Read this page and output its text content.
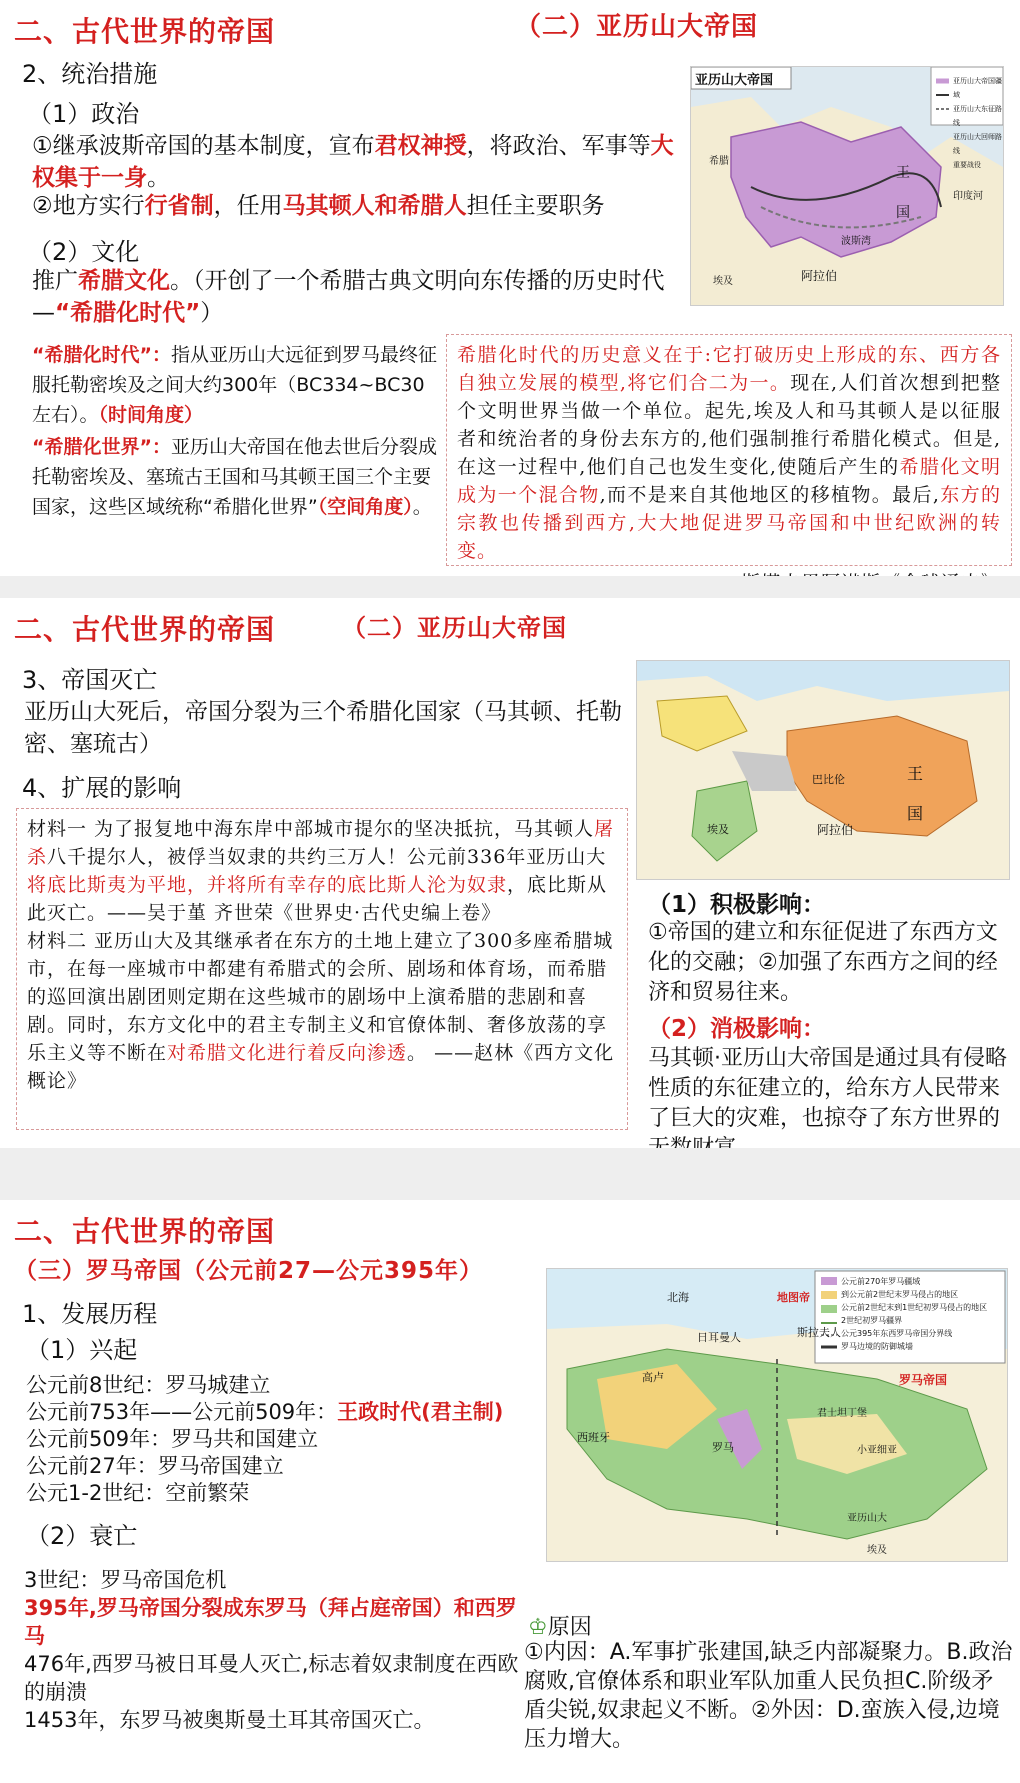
二、古代世界的帝国	（二）亚历山大帝国
2、统治措施
（1）政治
①继承波斯帝国的基本制度，宣布君权神授，将政治、军事等大权集于一身。
②地方实行行省制，任用马其顿人和希腊人担任主要职务
（2）文化
推广希腊文化。（开创了一个希腊古典文明向东传播的历史时代—“希腊化时代”）
亚历山大帝国	亚历山大帝国疆域
亚历山大东征路线
亚历山大回师路线
重要战役
王
国
阿拉伯
波斯湾
埃及
希腊
印度河
“希腊化时代”：指从亚历山大远征到罗马最终征服托勒密埃及之间大约300年（BC334~BC30左右）。（时间角度）
“希腊化世界”：亚历山大帝国在他去世后分裂成托勒密埃及、塞琉古王国和马其顿王国三个主要国家，这些区域统称“希腊化世界”（空间角度）。
希腊化时代的历史意义在于:它打破历史上形成的东、西方各自独立发展的模型,将它们合二为一。现在,人们首次想到把整个文明世界当做一个单位。起先,埃及人和马其顿人是以征服者和统治者的身份去东方的,他们强制推行希腊化模式。但是,在这一过程中,他们自己也发生变化,使随后产生的希腊化文明成为一个混合物,而不是来自其他地区的移植物。最后,东方的宗教也传播到西方,大大地促进罗马帝国和中世纪欧洲的转变。
二、古代世界的帝国	（二）亚历山大帝国
3、帝国灭亡
亚历山大死后，帝国分裂为三个希腊化国家（马其顿、托勒密、塞琉古）
4、扩展的影响
材料一 为了报复地中海东岸中部城市提尔的坚决抵抗，马其顿人屠杀八千提尔人，被俘当奴隶的共约三万人！公元前336年亚历山大将底比斯夷为平地，并将所有幸存的底比斯人沦为奴隶，底比斯从此灭亡。——吴于堇 齐世荣《世界史·古代史编上卷》
材料二 亚历山大及其继承者在东方的土地上建立了300多座希腊城市，在每一座城市中都建有希腊式的会所、剧场和体育场，而希腊的巡回演出剧团则定期在这些城市的剧场中上演希腊的悲剧和喜剧。同时，东方文化中的君主专制主义和官僚体制、奢侈放荡的享乐主义等不断在对希腊文化进行着反向渗透。 ——赵林《西方文化概论》
王
国
阿拉伯
巴比伦
埃及
（1）积极影响：
①帝国的建立和东征促进了东西方文化的交融；②加强了东西方之间的经济和贸易往来。
（2）消极影响：
马其顿·亚历山大帝国是通过具有侵略性质的东征建立的，给东方人民带来了巨大的灾难，也掠夺了东方世界的
二、古代世界的帝国
（三）罗马帝国（公元前27—公元395年）
1、发展历程
（1）兴起
公元前8世纪：罗马城建立
公元前753年——公元前509年：王政时代(君主制)
公元前509年：罗马共和国建立
公元前27年：罗马帝国建立
公元1-2世纪：空前繁荣
（2）衰亡
3世纪：罗马帝国危机
395年,罗马帝国分裂成东罗马（拜占庭帝国）和西罗马
476年,西罗马被日耳曼人灭亡,标志着奴隶制度在西欧的崩溃
1453年，东罗马被奥斯曼土耳其帝国灭亡。
公元前270年罗马疆域
到公元前2世纪末罗马侵占的地区
公元前2世纪末到1世纪初罗马侵占的地区
2世纪初罗马疆界
公元395年东西罗马帝国分界线
罗马边境的防御城墙
北海
日耳曼人	斯拉夫人
西班牙
罗马
君士坦丁堡
小亚细亚
亚历山大
埃及
高卢	罗马帝国
地图帝
♔原因
①内因：A.军事扩张建国,缺乏内部凝聚力。B.政治腐败,官僚体系和职业军队加重人民负担C.阶级矛盾尖锐,奴隶起义不断。②外因：D.蛮族入侵,边境压力增大。
